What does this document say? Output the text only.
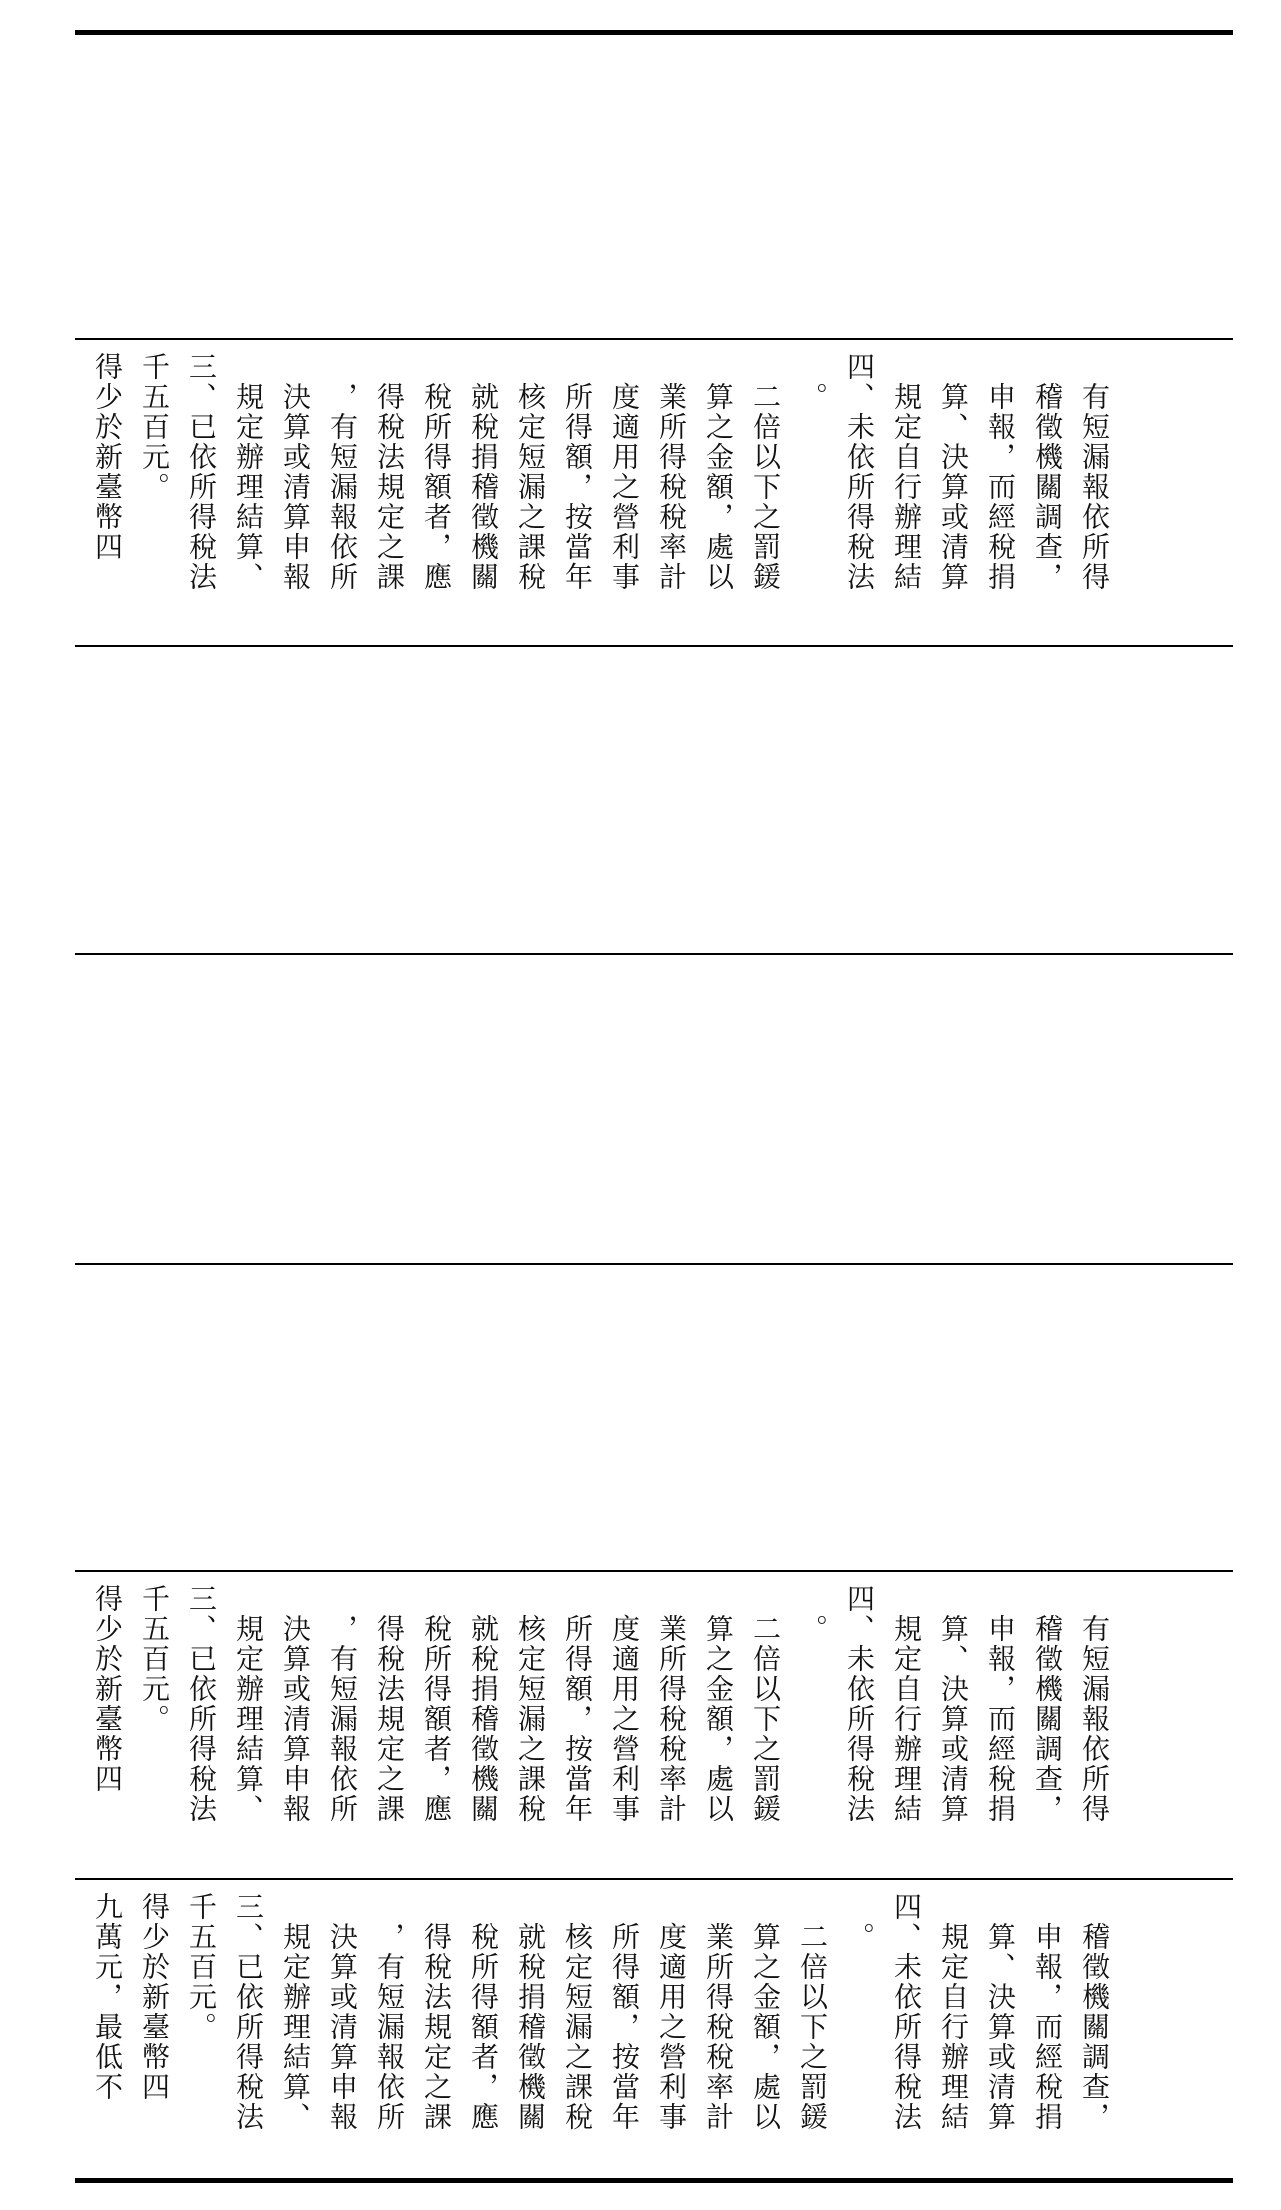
得少於新臺幣四 千五百元。 三、已依所得稅法 　規定辦理結算、 　決算或清算申報 　，有短漏報依所 　得稅法規定之課 　稅所得額者，應 　就稅捐稽徵機關 　核定短漏之課稅 　所得額，按當年 　度適用之營利事 　業所得稅稅率計 　算之金額，處以 　二倍以下之罰鍰 　。 四、未依所得稅法 　規定自行辦理結 　算、決算或清算 　申報，而經稅捐 　稽徵機關調查， 　有短漏報依所得
得少於新臺幣四 千五百元。 三、已依所得稅法 　規定辦理結算、 　決算或清算申報 　，有短漏報依所 　得稅法規定之課 　稅所得額者，應 　就稅捐稽徵機關 　核定短漏之課稅 　所得額，按當年 　度適用之營利事 　業所得稅稅率計 　算之金額，處以 　二倍以下之罰鍰 　。 四、未依所得稅法 　規定自行辦理結 　算、決算或清算 　申報，而經稅捐 　稽徵機關調查， 　有短漏報依所得
九萬元，最低不 得少於新臺幣四 千五百元。 三、已依所得稅法 　規定辦理結算、 　決算或清算申報 　，有短漏報依所 　得稅法規定之課 　稅所得額者，應 　就稅捐稽徵機關 　核定短漏之課稅 　所得額，按當年 　度適用之營利事 　業所得稅稅率計 　算之金額，處以 　二倍以下之罰鍰 　。 四、未依所得稅法 　規定自行辦理結 　算、決算或清算 　申報，而經稅捐 　稽徵機關調查，
